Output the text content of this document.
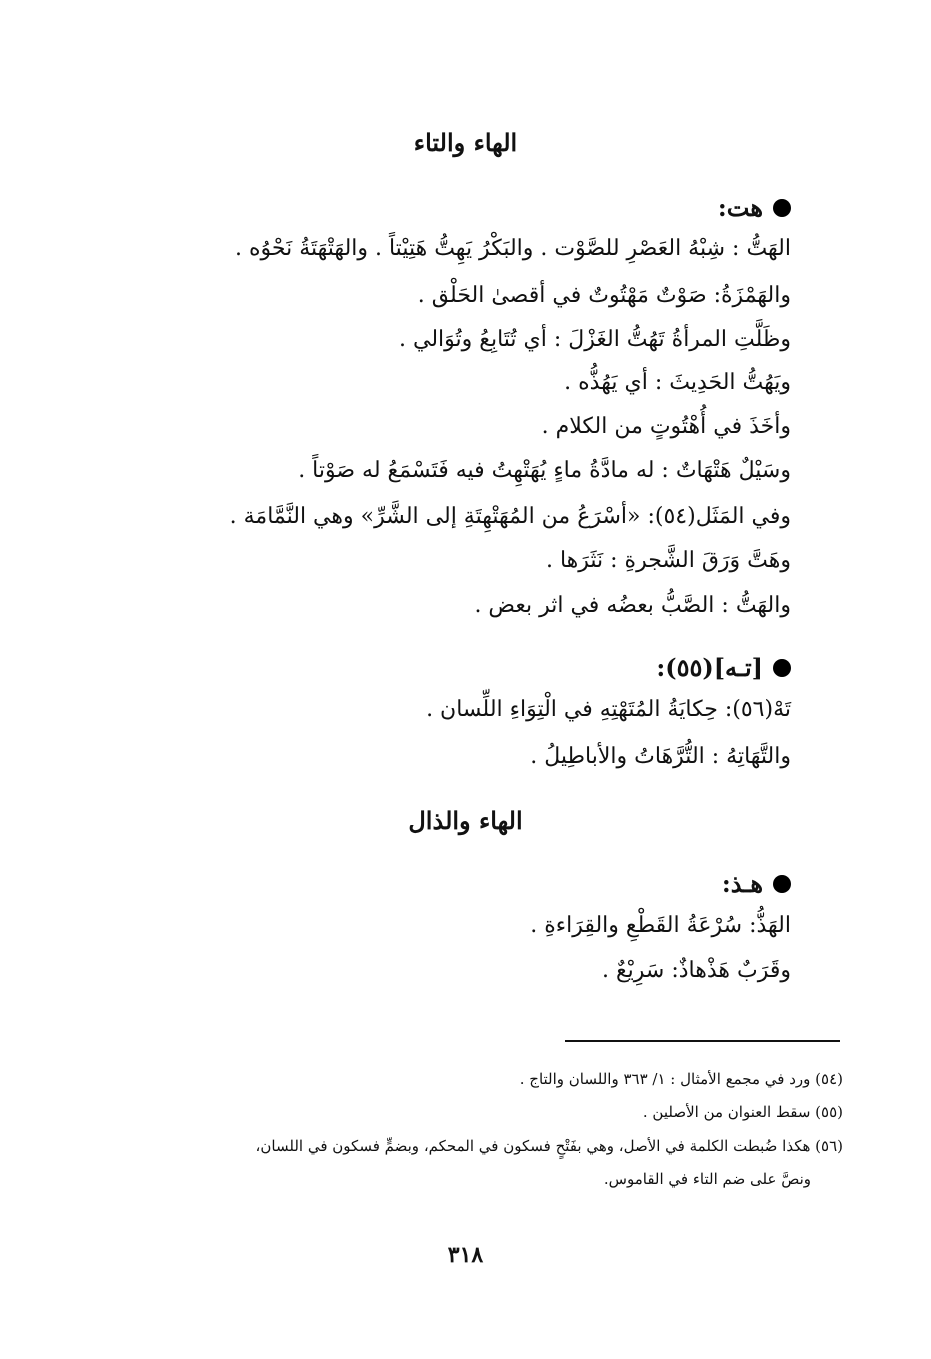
الهاء والتاء
هت:
الهَتُّ : شِبْهُ العَصْرِ للصَّوْت . والبَكْرُ يَهِتُّ هَتِيْتاً . والهَتْهَتَةُ نَحْوُه .
والهَمْزَةُ: صَوْتٌ مَهْتُوتٌ في أقصىٰ الحَلْق .
وظَلَّتِ المرأةُ تَهُتُّ الغَزْلَ : أي تُتَابِعُ وتُوَالي .
ويَهُتُّ الحَدِيثَ : أي يَهُذُّه .
وأخَذَ في أُهْتُوتٍ من الكلام .
وسَيْلٌ هَتْهَاتٌ : له مادَّةُ ماءٍ يُهَتْهِتُ فيه فَتَسْمَعُ له صَوْتاً .
وفي المَثَل(٥٤): «أسْرَعُ من المُهَتْهِتَةِ إلى الشَّرِّ» وهي النَّمَّامَة .
وهَتَّ وَرَقَ الشَّجرةِ : نَثَرَها .
والهَتُّ : الصَّبُّ بعضُه في اثر بعض .
[تـه](٥٥):
تَهْ(٥٦): حِكايَةُ المُتَهْتِهِ في الْتِوَاءِ اللِّسان .
والتَّهَاتِهُ : التُّرَّهَاتُ والأباطِيلُ .
الهاء والذال
هـذ:
الهَذُّ: سُرْعَةُ القَطْعِ والقِرَاءةِ .
وقَرَبٌ هَذْهاذٌ: سَرِيْعٌ .
(٥٤) ورد في مجمع الأمثال : ١/ ٣٦٣ واللسان والتاج .
(٥٥) سقط العنوان من الأصلين .
(٥٦) هكذا ضُبطت الكلمة في الأصل، وهي بفَتْحٍ فسكون في المحكم، وبضمٍّ فسكون في اللسان،
ونصَّ على ضم التاء في القاموس.
٣١٨
